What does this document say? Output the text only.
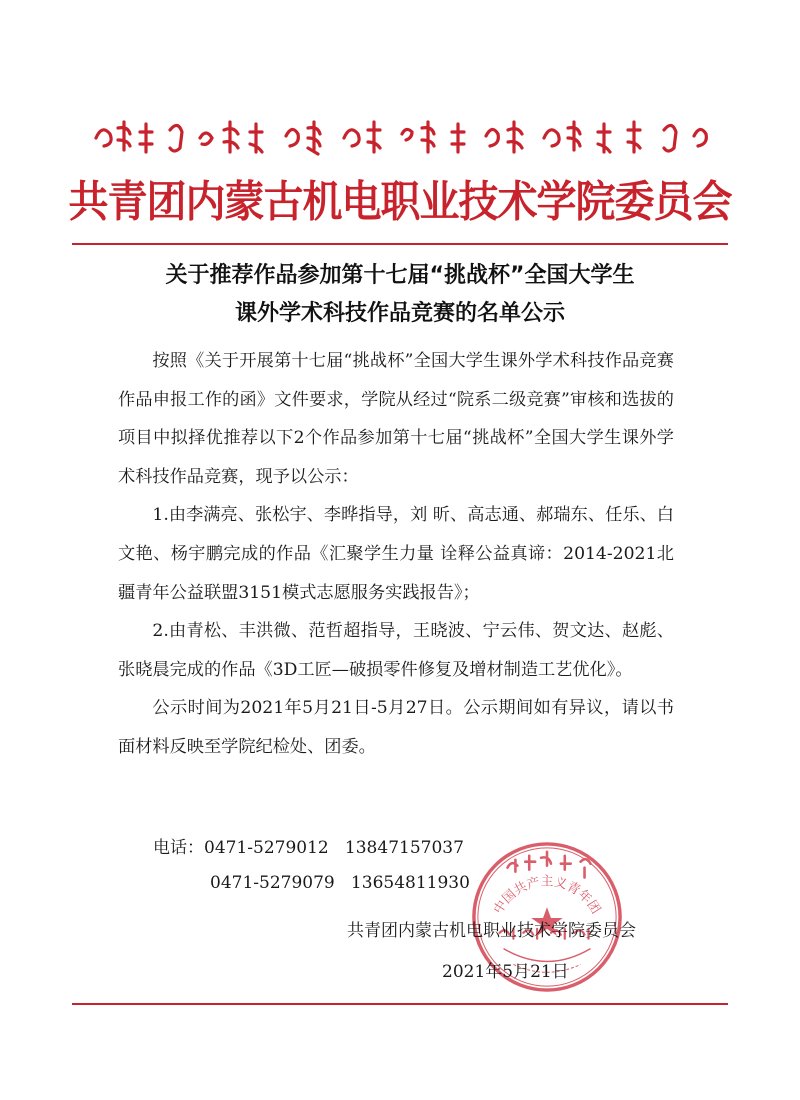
共青团内蒙古机电职业技术学院委员会
关于推荐作品参加第十七届“挑战杯”全国大学生
课外学术科技作品竞赛的名单公示

按照《关于开展第十七届“挑战杯”全国大学生课外学术科技作品竞赛作品申报工作的函》文件要求，学院从经过“院系二级竞赛”审核和选拔的项目中拟择优推荐以下2个作品参加第十七届“挑战杯”全国大学生课外学术科技作品竞赛，现予以公示：

1.由李满亮、张松宇、李晔指导，刘 昕、高志通、郝瑞东、任乐、白文艳、杨宇鹏完成的作品《汇聚学生力量 诠释公益真谛：2014-2021北疆青年公益联盟3151模式志愿服务实践报告》；

2.由青松、丰洪微、范哲超指导，王晓波、宁云伟、贺文达、赵彪、张晓晨完成的作品《3D工匠—破损零件修复及增材制造工艺优化》。

公示时间为2021年5月21日-5月27日。公示期间如有异议，请以书面材料反映至学院纪检处、团委。

电话：0471-5279012   13847157037
0471-5279079   13654811930
中国共产主义青年团
共青团内蒙古机电职业技术学院委员会
2021年5月21日
